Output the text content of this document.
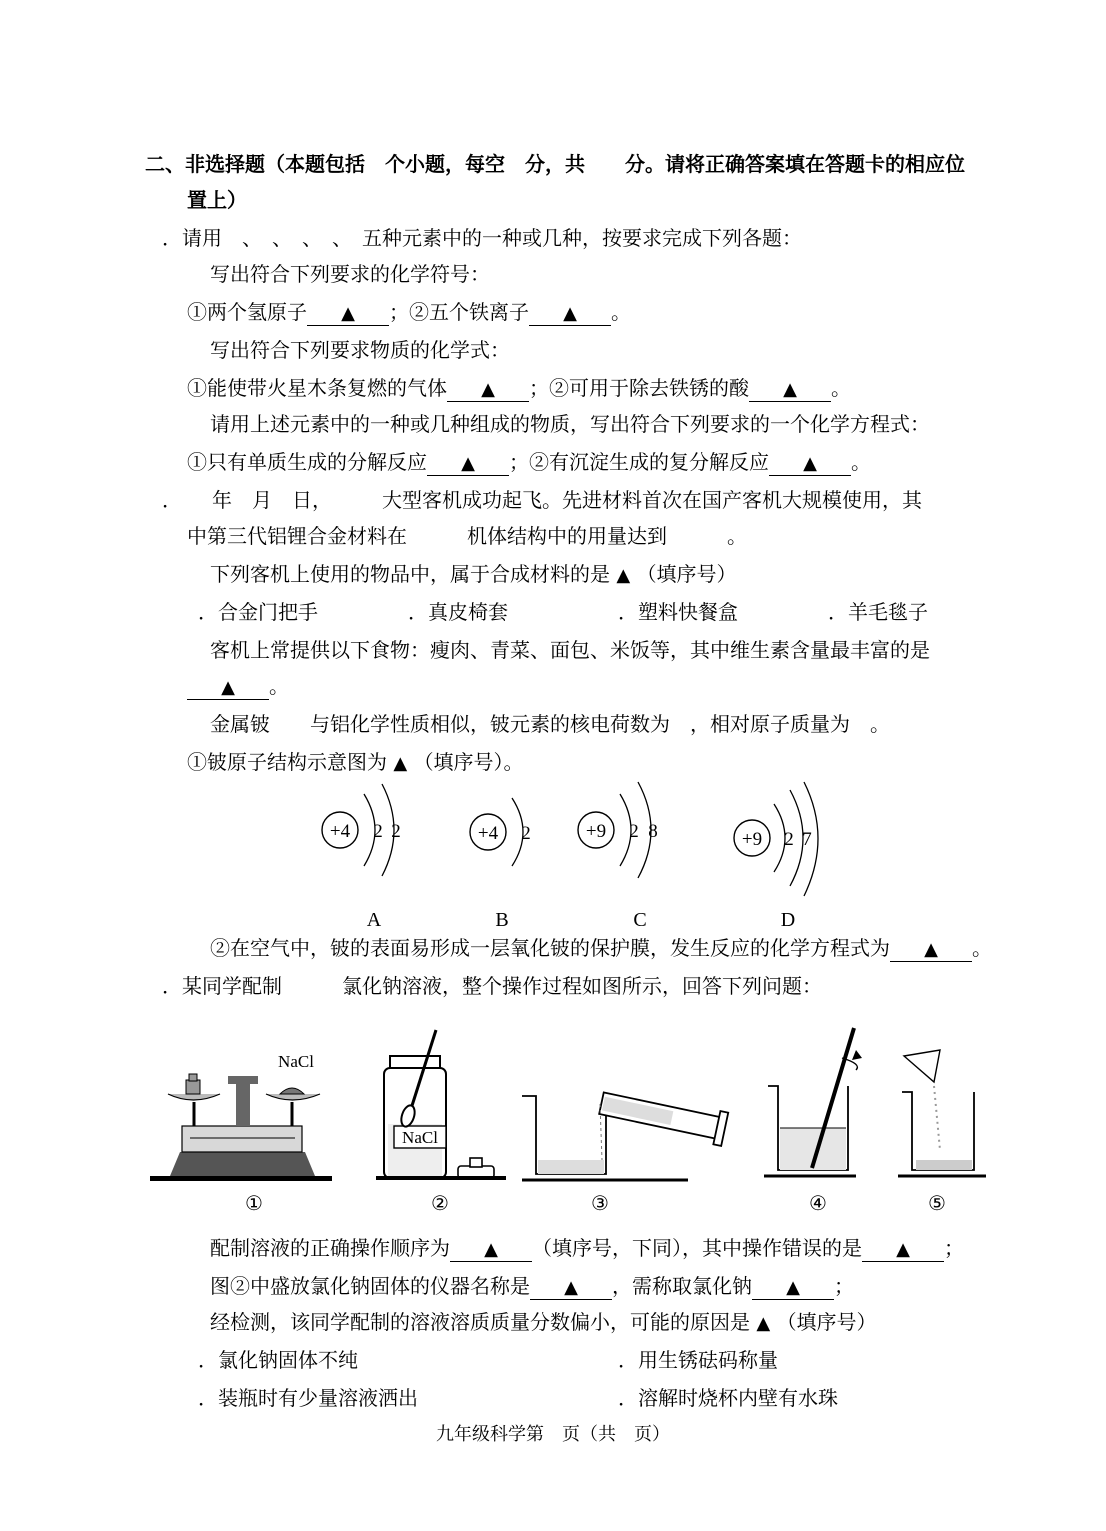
二、非选择题（本题包括　个小题，每空　分，共　　分。请将正确答案填在答题卡的相应位
置上）
．请用　、　、　、　、　五种元素中的一种或几种，按要求完成下列各题：
写出符合下列要求的化学符号：
①两个氢原子 ▲ ；②五个铁离子 ▲ 。
写出符合下列要求物质的化学式：
①能使带火星木条复燃的气体 ▲ ；②可用于除去铁锈的酸 ▲ 。
请用上述元素中的一种或几种组成的物质，写出符合下列要求的一个化学方程式：
①只有单质生成的分解反应 ▲ ；②有沉淀生成的复分解反应 ▲ 。
．　　年　月　日，　　　大型客机成功起飞。先进材料首次在国产客机大规模使用，其
中第三代铝锂合金材料在　　　机体结构中的用量达到　　　。
下列客机上使用的物品中，属于合成材料的是 ▲ （填序号）
．合金门把手	．真皮椅套	．塑料快餐盒	．羊毛毯子
客机上常提供以下食物：瘦肉、青菜、面包、米饭等，其中维生素含量最丰富的是
▲ 。
金属铍　　与铝化学性质相似，铍元素的核电荷数为　，相对原子质量为　。
①铍原子结构示意图为 ▲ （填序号）。
+4 2 2
A
+4 2
B
+9 2 8
C
+9 2 7
D
②在空气中，铍的表面易形成一层氧化铍的保护膜，发生反应的化学方程式为 ▲ 。
．某同学配制　　　氯化钠溶液，整个操作过程如图所示，回答下列问题：
NaCl
NaCl
①	②	③	④	⑤
配制溶液的正确操作顺序为 ▲ （填序号，下同），其中操作错误的是 ▲ ；
图②中盛放氯化钠固体的仪器名称是 ▲ ，需称取氯化钠 ▲ ；
经检测，该同学配制的溶液溶质质量分数偏小，可能的原因是 ▲ （填序号）
．氯化钠固体不纯	．用生锈砝码称量
．装瓶时有少量溶液洒出	．溶解时烧杯内壁有水珠
九年级科学第　页（共　页）
